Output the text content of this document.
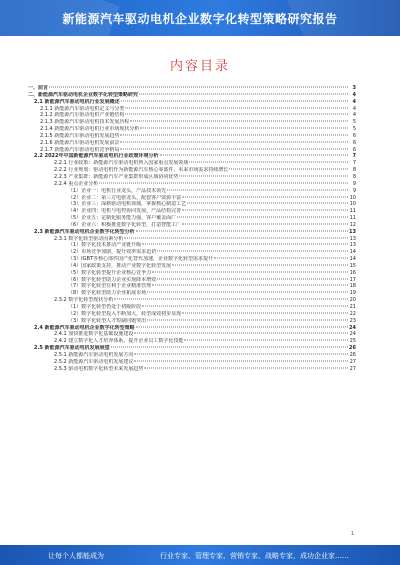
新能源汽车驱动电机企业数字化转型策略研究报告
内容目录
一、前言	3
二、新能源汽车驱动电机企业数字化转型策略研究	4
2.1 新能源汽车驱动电机行业发展概述	4
2.1.1 新能源汽车驱动电机定义与分类	4
2.1.2 新能源汽车驱动电机产业链结构	4
2.1.3 新能源汽车驱动电机技术发展历程	5
2.1.4 新能源汽车驱动电机行业市场现状分析	5
2.1.5 新能源汽车驱动电机发展趋势	6
2.1.6 新能源汽车驱动电机发展前景	6
2.1.7 新能源汽车驱动电机竞争格局	6
2.2 2022年中国新能源汽车驱动电机行业政策环境分析	7
2.2.1 行业政策：新能源汽车驱动电机列入国家重点发展领域	7
2.2.2 行业规划：驱动电机作为新能源汽车核心零部件，未来市场需求持续增长	8
2.2.3 产业集群：新能源汽车产业集群形成区域协同优势	8
2.2.4 重点企业分析	9
（1）企业一：电机行业龙头，产品技术领先	9
（2）企业二：第三方电驱龙头，配套客户资源丰富	10
（3）企业三：深耕驱动电机领域，掌握核心制造工艺	10
（4）企业四：电机与电控协同发展，产品结构完善	11
（5）企业五：定制化服务能力强，客户覆盖面广	11
（6）企业六：积极推进数字化转型，打造智能工厂	12
2.3 新能源汽车驱动电机企业数字化转型分析	13
2.3.1 数字化转型驱动因素分析	13
（1）数字化技术推动产业链升级	13
（2）市场竞争加剧，提升效率需求迫切	14
（3）IGBT等核心部件国产化替代加速，企业数字化转型需求提升	14
（4）国家政策支持，推动产业数字化转型发展	15
（5）数字化转型提升企业核心竞争力	16
（6）数字化转型助力企业实现降本增效	17
（7）数字化转型有利于企业精准管理	18
（8）数字化转型助力企业拓展市场	19
2.3.2 数字化转型现状分析	20
（1）数字化转型仍处于初级阶段	21
（2）数字化转型投入不断加大，转型成效初步显现	22
（3）数字化转型人才短缺问题突出	23
2.4 新能源汽车驱动电机企业数字化转型策略	24
2.4.1 加快推进数字化基础设施建设	24
2.4.2 建立数字化人才培养体系，提升企业员工数字化技能	25
2.5 新能源汽车驱动电机发展展望	26
2.5.1 新能源汽车驱动电机发展方向	26
2.5.2 新能源汽车驱动电机发展建议	27
2.5.3 驱动电机数字化转型未来发展趋势	27
1
让每个人都能成为	行业专家、管理专家、营销专家、战略专家、成功企业家……
